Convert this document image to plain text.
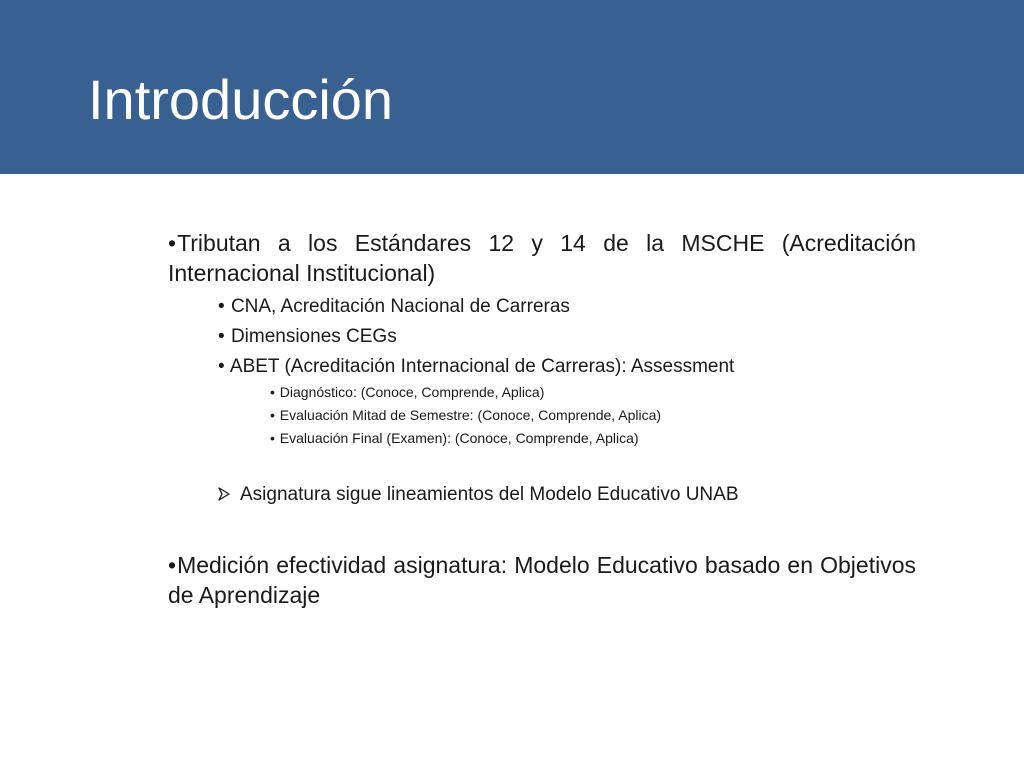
Introducción
•Tributan a los Estándares 12 y 14 de la MSCHE (Acreditación Internacional Institucional)
• CNA, Acreditación Nacional de Carreras
• Dimensiones CEGs
• ABET (Acreditación Internacional de Carreras): Assessment
• Diagnóstico: (Conoce, Comprende, Aplica)
• Evaluación Mitad de Semestre: (Conoce, Comprende, Aplica)
• Evaluación Final (Examen): (Conoce, Comprende, Aplica)
Asignatura sigue lineamientos del Modelo Educativo UNAB
•Medición efectividad asignatura: Modelo Educativo basado en Objetivos de Aprendizaje
